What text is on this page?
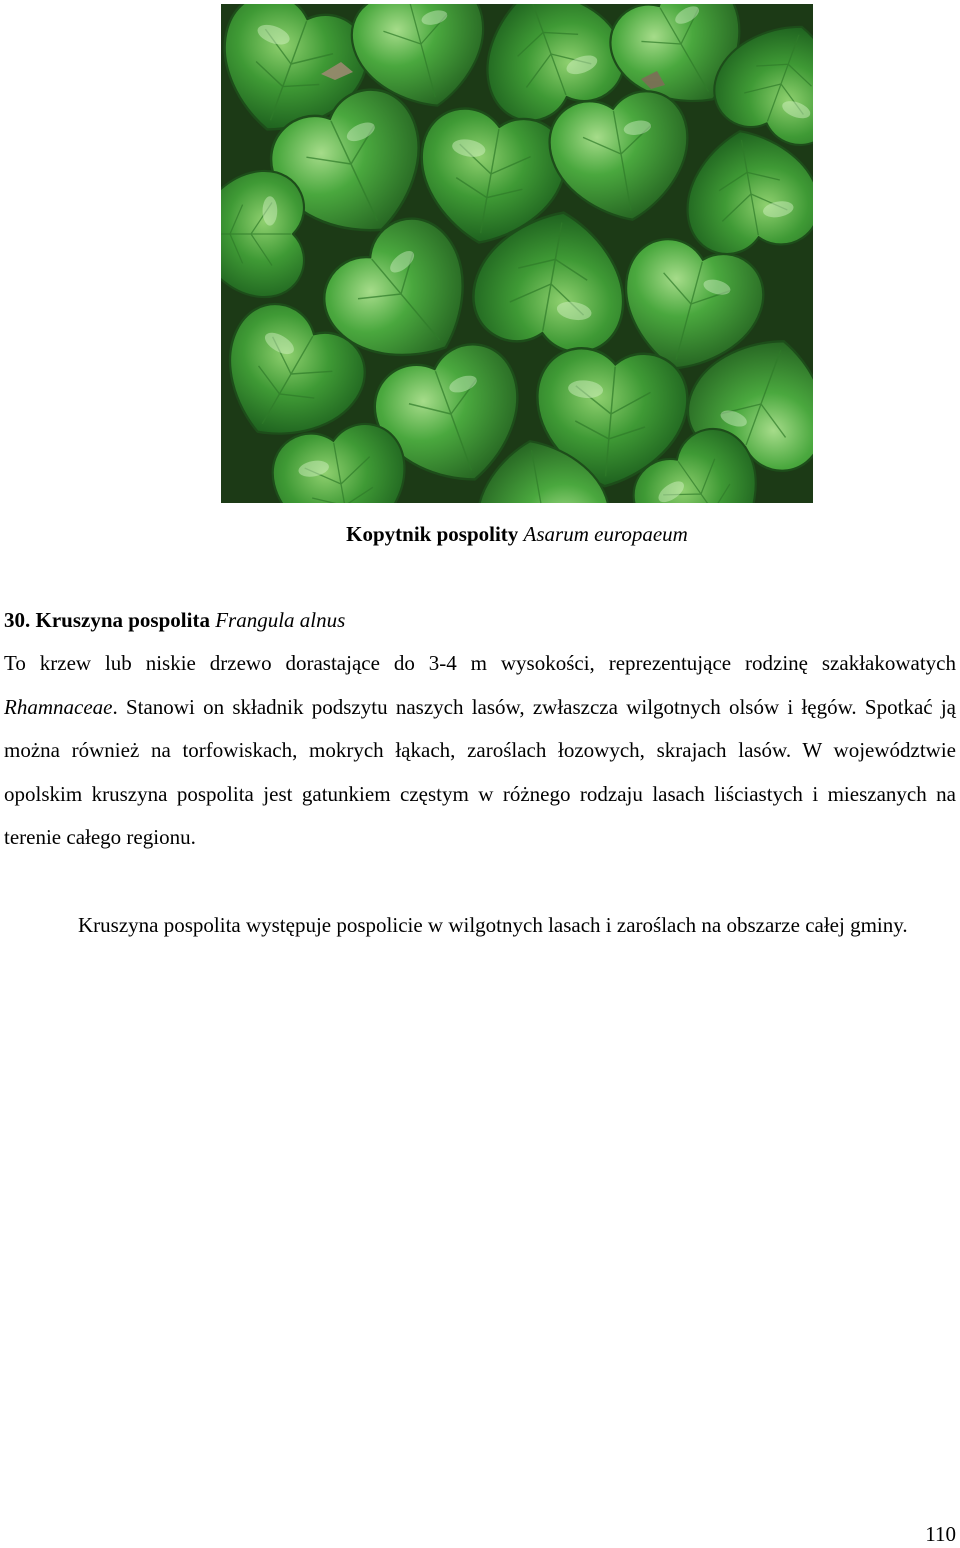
Kopytnik pospolity Asarum europaeum
30. Kruszyna pospolita Frangula alnus

To krzew lub niskie drzewo dorastające do 3-4 m wysokości, reprezentujące rodzinę szakłakowatych Rhamnaceae. Stanowi on składnik podszytu naszych lasów, zwłaszcza wilgotnych olsów i łęgów. Spotkać ją można również na torfowiskach, mokrych łąkach, zaroślach łozowych, skrajach lasów. W województwie opolskim kruszyna pospolita jest gatunkiem częstym w różnego rodzaju lasach liściastych i mieszanych na terenie całego regionu.

Kruszyna pospolita występuje pospolicie w wilgotnych lasach i zaroślach na obszarze całej gminy.

110
